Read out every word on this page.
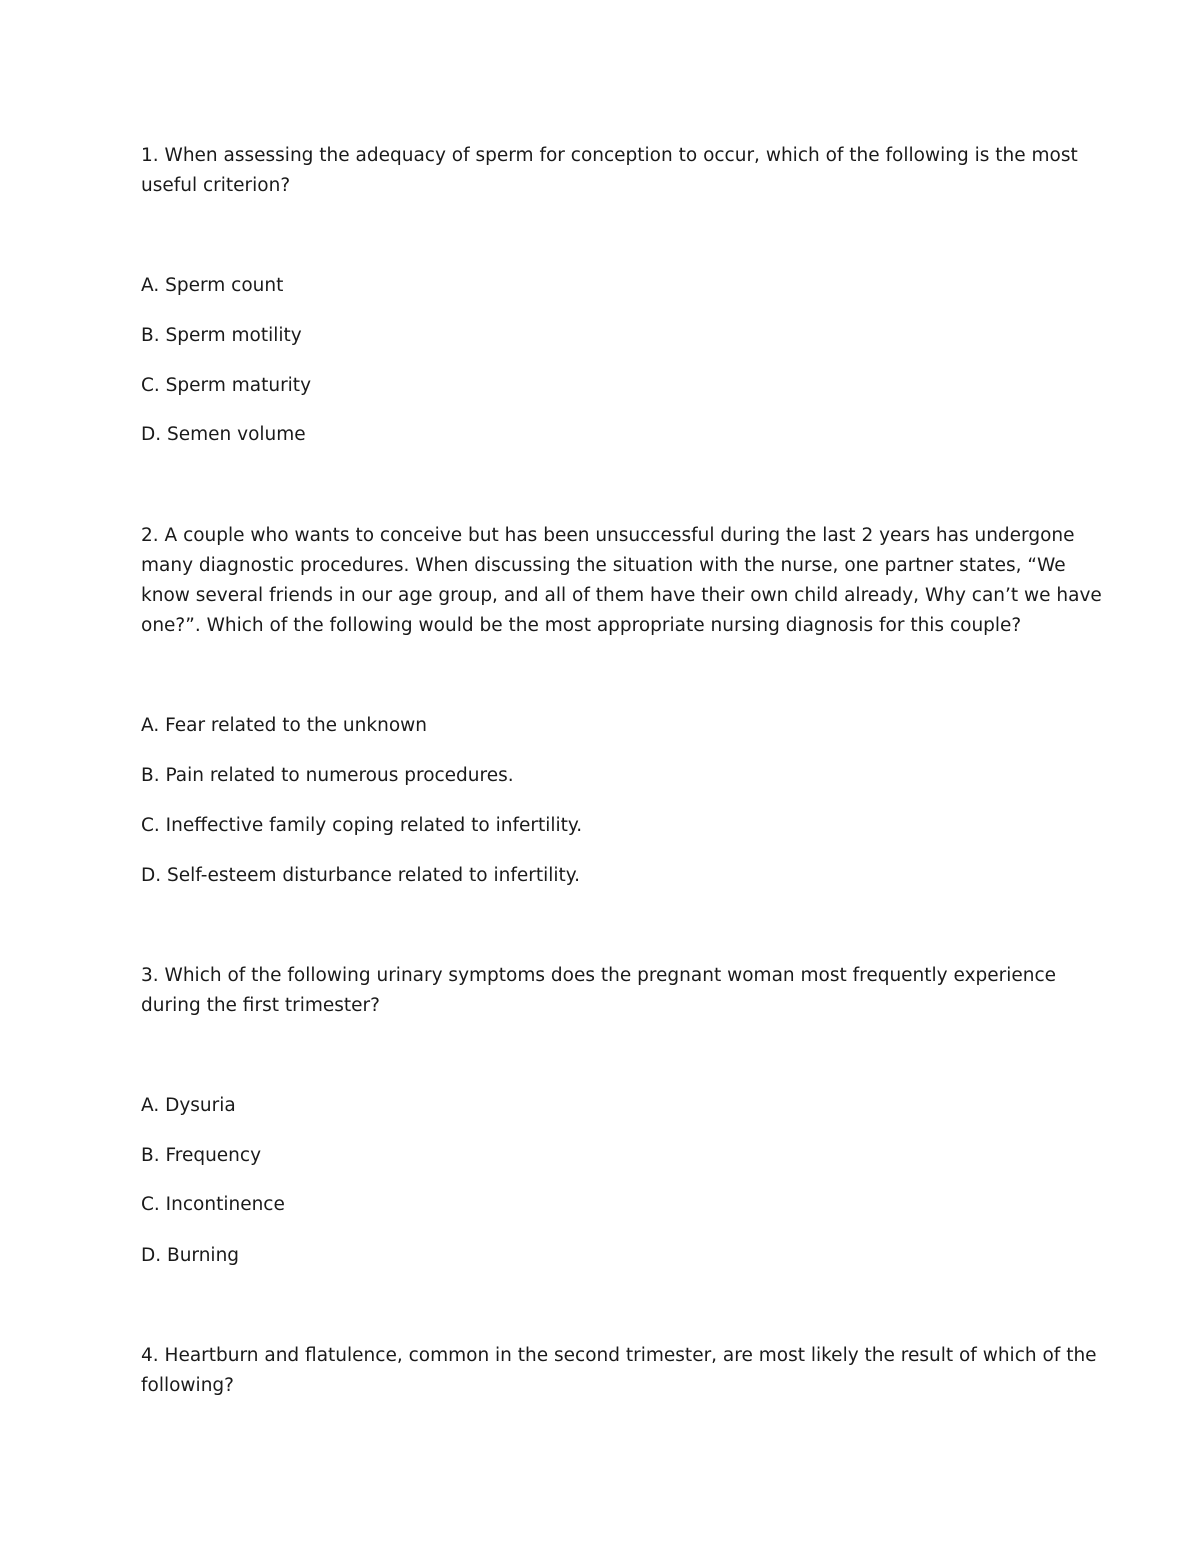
1. When assessing the adequacy of sperm for conception to occur, which of the following is the most
useful criterion?
A. Sperm count
B. Sperm motility
C. Sperm maturity
D. Semen volume
2. A couple who wants to conceive but has been unsuccessful during the last 2 years has undergone
many diagnostic procedures. When discussing the situation with the nurse, one partner states, “We
know several friends in our age group, and all of them have their own child already, Why can’t we have
one?”. Which of the following would be the most appropriate nursing diagnosis for this couple?
A. Fear related to the unknown
B. Pain related to numerous procedures.
C. Ineffective family coping related to infertility.
D. Self-esteem disturbance related to infertility.
3. Which of the following urinary symptoms does the pregnant woman most frequently experience
during the first trimester?
A. Dysuria
B. Frequency
C. Incontinence
D. Burning
4. Heartburn and flatulence, common in the second trimester, are most likely the result of which of the
following?
